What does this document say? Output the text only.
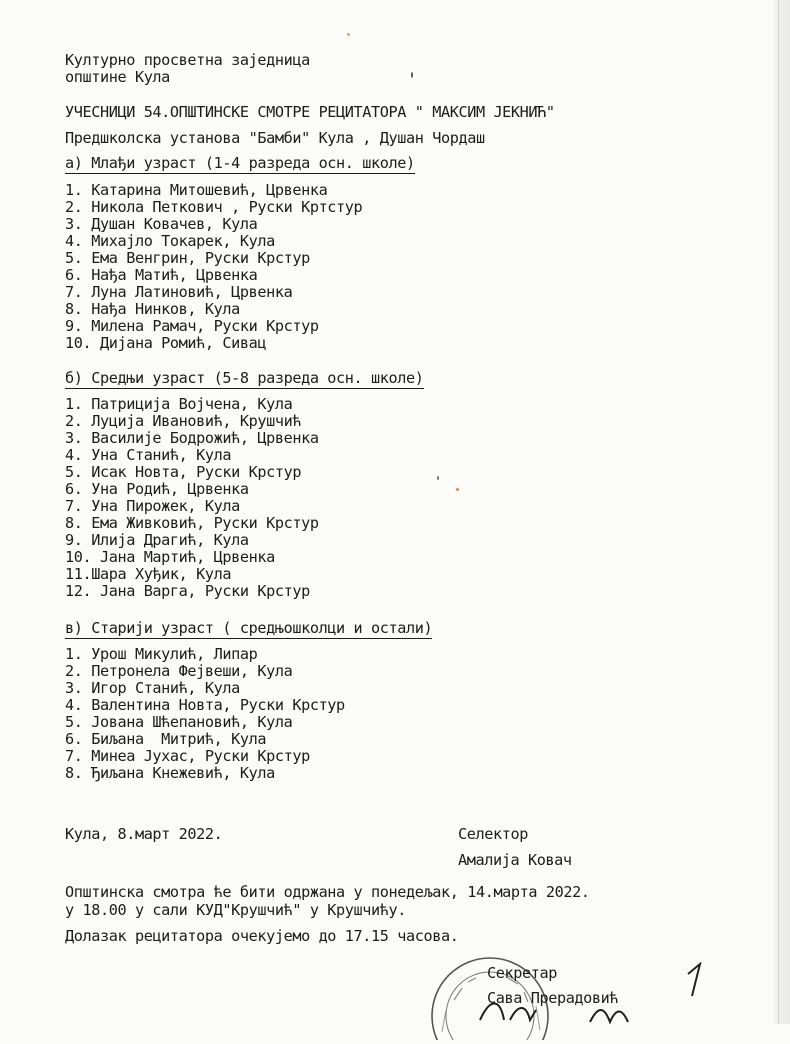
Културно просветна заједница
општине Кула
УЧЕСНИЦИ 54.ОПШТИНСКЕ СМОТРЕ РЕЦИТАТОРА " МАКСИМ ЈЕКНИЋ"
Предшколска установа "Бамби" Кула , Душан Чордаш
а) Млађи узраст (1-4 разреда осн. школе)
1. Катарина Митошевић, Црвенка
2. Никола Петкович , Руски Кртстур
3. Душан Ковачев, Кула
4. Михајло Токарек, Кула
5. Ема Венгрин, Руски Крстур
6. Нађа Матић, Црвенка
7. Луна Латиновић, Црвенка
8. Нађа Нинков, Кула
9. Милена Рамач, Руски Крстур
10. Дијана Ромић, Сивац
б) Средњи узраст (5-8 разреда осн. школе)
1. Патриција Војчена, Кула
2. Луција Ивановић, Крушчић
3. Василије Бодрожић, Црвенка
4. Уна Станић, Кула
5. Исак Новта, Руски Крстур
6. Уна Родић, Црвенка
7. Уна Пирожек, Кула
8. Ема Живковић, Руски Крстур
9. Илија Драгић, Кула
10. Јана Мартић, Црвенка
11.Шара Хуђик, Кула
12. Јана Варга, Руски Крстур
в) Старији узраст ( средњошколци и остали)
1. Урош Микулић, Липар
2. Петронела Фејвеши, Кула
3. Игор Станић, Кула
4. Валентина Новта, Руски Крстур
5. Јована Шћепановић, Кула
6. Биљана  Митрић, Кула
7. Минеа Јухас, Руски Крстур
8. Ђиљана Кнежевић, Кула
Кула, 8.март 2022.	Селектор
Амалија Ковач
Општинска смотра ће бити одржана у понедељак, 14.марта 2022.
у 18.00 у сали КУД"Крушчић" у Крушчићу.
Долазак рецитатора очекујемо до 17.15 часова.
Секретар
Сава Прерадовић
